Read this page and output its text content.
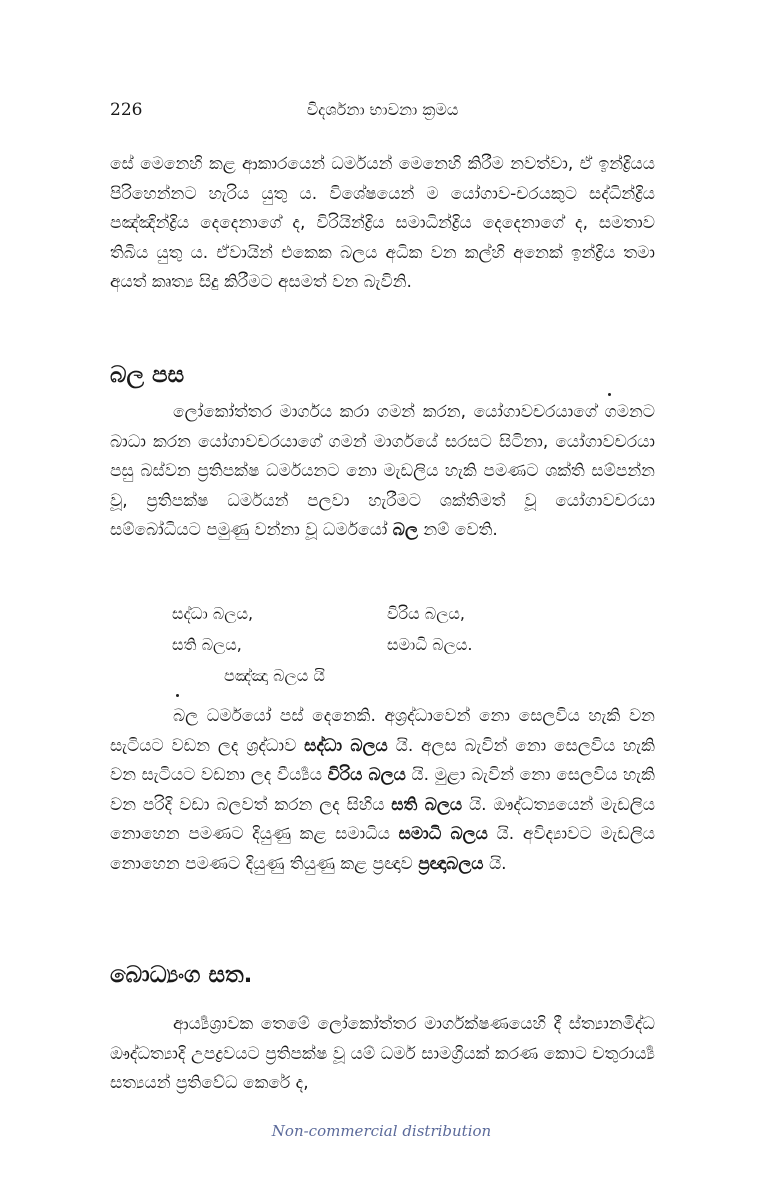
226	විදර්ශනා භාවනා ක්‍රමය
සේ මෙනෙහි කළ ආකාරයෙන් ධර්මයන් මෙනෙහි කිරීම නවත්වා, ඒ ඉන්ද්‍රියය පිරිහෙන්නට හැරිය යුතු ය. විශේෂයෙන් ම යෝගාව-චරයකුට සද්ධින්ද්‍රිය පඤ්ඤින්ද්‍රිය දෙදෙනාගේ ද, විරියින්ද්‍රිය සමාධින්ද්‍රිය දෙදෙනාගේ ද, සමතාව තිබිය යුතු ය. ඒවායින් එකෙක බලය අධික වන කල්හි අනෙක් ඉන්ද්‍රිය තමා අයත් කෘත්‍ය සිදු කිරීමට අසමත් වන බැවිනි.
බල පස
ලෝකෝත්තර මාර්ගය කරා ගමන් කරන, යෝගාවචරයාගේ ගමනට බාධා කරන යෝගාවචරයාගේ ගමන් මාර්ගයේ සරසට සිටිනා, යෝගාවචරයා පසු බස්වන ප්‍රතිපක්ෂ ධර්මයනට නො මැඩලිය හැකි පමණට ශක්ති සම්පන්න වූ, ප්‍රතිපක්ෂ ධර්මයන් පලවා හැරීමට ශක්තිමත් වූ යෝගාවචරයා සම්බෝධියට පමුණු වන්නා වූ ධර්මයෝ බල නම් වෙති.
සද්ධා බලය,	විරිය බලය,
සති බලය,	සමාධි බලය.
පඤ්ඤා බලය යි
බල ධර්මයෝ පස් දෙනෙකි. අශ්‍රද්ධාවෙන් නො සෙලවිය හැකි වන සැටියට වඩන ලද ශ්‍රද්ධාව සද්ධා බලය යි. අලස බැවින් නො සෙලවිය හැකි වන සැටියට වඩනා ලද වීර්‍ය්‍යය විරිය බලය යි. මුළා බැවින් නො සෙලවිය හැකි වන පරිදි වඩා බලවත් කරන ලද සිහිය සති බලය යි. ඖද්ධත්‍යයෙන් මැඩලිය නොහෙන පමණට දියුණු කළ සමාධිය සමාධි බලය යි. අවිද්‍යාවට මැඩලිය නොහෙන පමණට දියුණු තියුණු කළ ප්‍රඥාව ප්‍රඥාබලය යි.
බොධ්‍යංග සත.
ආර්‍ය්‍යශ්‍රාවක තෙමේ ලෝකෝත්තර මාර්ගක්ෂණයෙහි දී ස්ත්‍යානමිද්ධ ඖද්ධත්‍යාදි උපද්‍රවයට ප්‍රතිපක්ෂ වූ යම් ධර්ම සාමග්‍රියක් කරණ කොට චතුරාර්‍ය්‍ය සත්‍යයන් ප්‍රතිවේධ කෙරේ ද,
Non-commercial distribution
